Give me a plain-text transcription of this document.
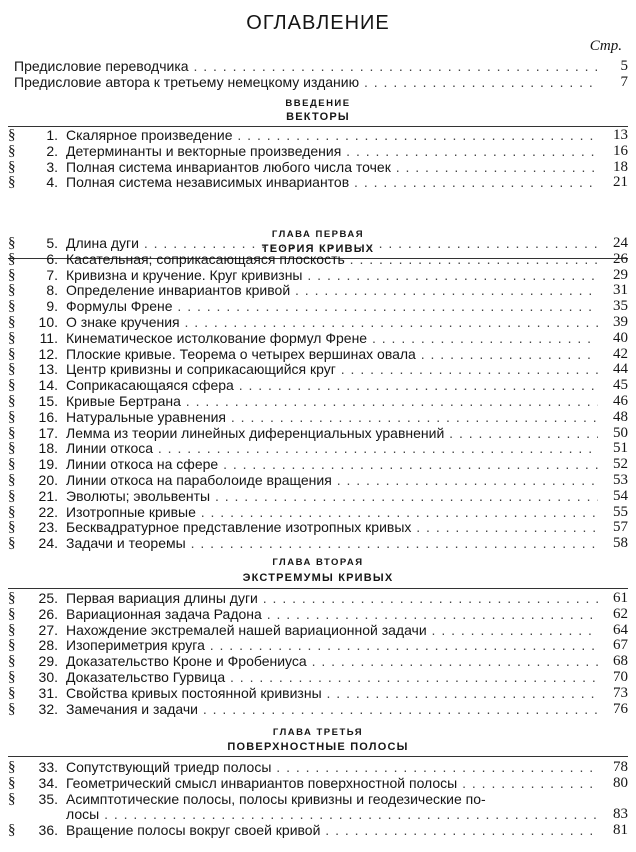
ОГЛАВЛЕНИЕ
Стр.
Предисловие переводчика . . .	5
Предисловие автора к третьему немецкому изданию . . .	7
ВВЕДЕНИЕ
ВЕКТОРЫ
§	1. Скалярное произведение . . .	13
§	2. Детерминанты и векторные произведения . . .	16
§	3. Полная система инвариантов любого числа точек . . .	18
§	4. Полная система независимых инвариантов . . .	21
ГЛАВА ПЕРВАЯ
ТЕОРИЯ КРИВЫХ
§	5. Длина дуги . . .	24
§	6. Касательная; соприкасающаяся плоскость . . .	26
§	7. Кривизна и кручение. Круг кривизны . . .	29
§	8. Определение инвариантов кривой . . .	31
§	9. Формулы Френе . . .	35
§	10. О знаке кручения . . .	39
§	11. Кинематическое истолкование формул Френе . . .	40
§	12. Плоские кривые. Теорема о четырех вершинах овала . . .	42
§	13. Центр кривизны и соприкасающийся круг . . .	44
§	14. Соприкасающаяся сфера . . .	45
§	15. Кривые Бертрана . . .	46
§	16. Натуральные уравнения . . .	48
§	17. Лемма из теории линейных диференциальных уравнений . . .	50
§	18. Линии откоса . . .	51
§	19. Линии откоса на сфере . . .	52
§	20. Линии откоса на параболоиде вращения . . .	53
§	21. Эволюты; эвольвенты . . .	54
§	22. Изотропные кривые . . .	55
§	23. Бесквадратурное представление изотропных кривых . . .	57
§	24. Задачи и теоремы . . .	58
ГЛАВА ВТОРАЯ
ЭКСТРЕМУМЫ КРИВЫХ
§	25. Первая вариация длины дуги . . .	61
§	26. Вариационная задача Радона . . .	62
§	27. Нахождение экстремалей нашей вариационной задачи . . .	64
§	28. Изопериметрия круга . . .	67
§	29. Доказательство Кроне и Фробениуса . . .	68
§	30. Доказательство Гурвица . . .	70
§	31. Свойства кривых постоянной кривизны . . .	73
§	32. Замечания и задачи . . .	76
ГЛАВА ТРЕТЬЯ
ПОВЕРХНОСТНЫЕ ПОЛОСЫ
§	33. Сопутствующий триедр полосы . . .	78
§	34. Геометрический смысл инвариантов поверхностной полосы . . .	80
§	35. Асимптотические полосы, полосы кривизны и геодезические по-
лосы . . .	83
§	36. Вращение полосы вокруг своей кривой . . .	81
